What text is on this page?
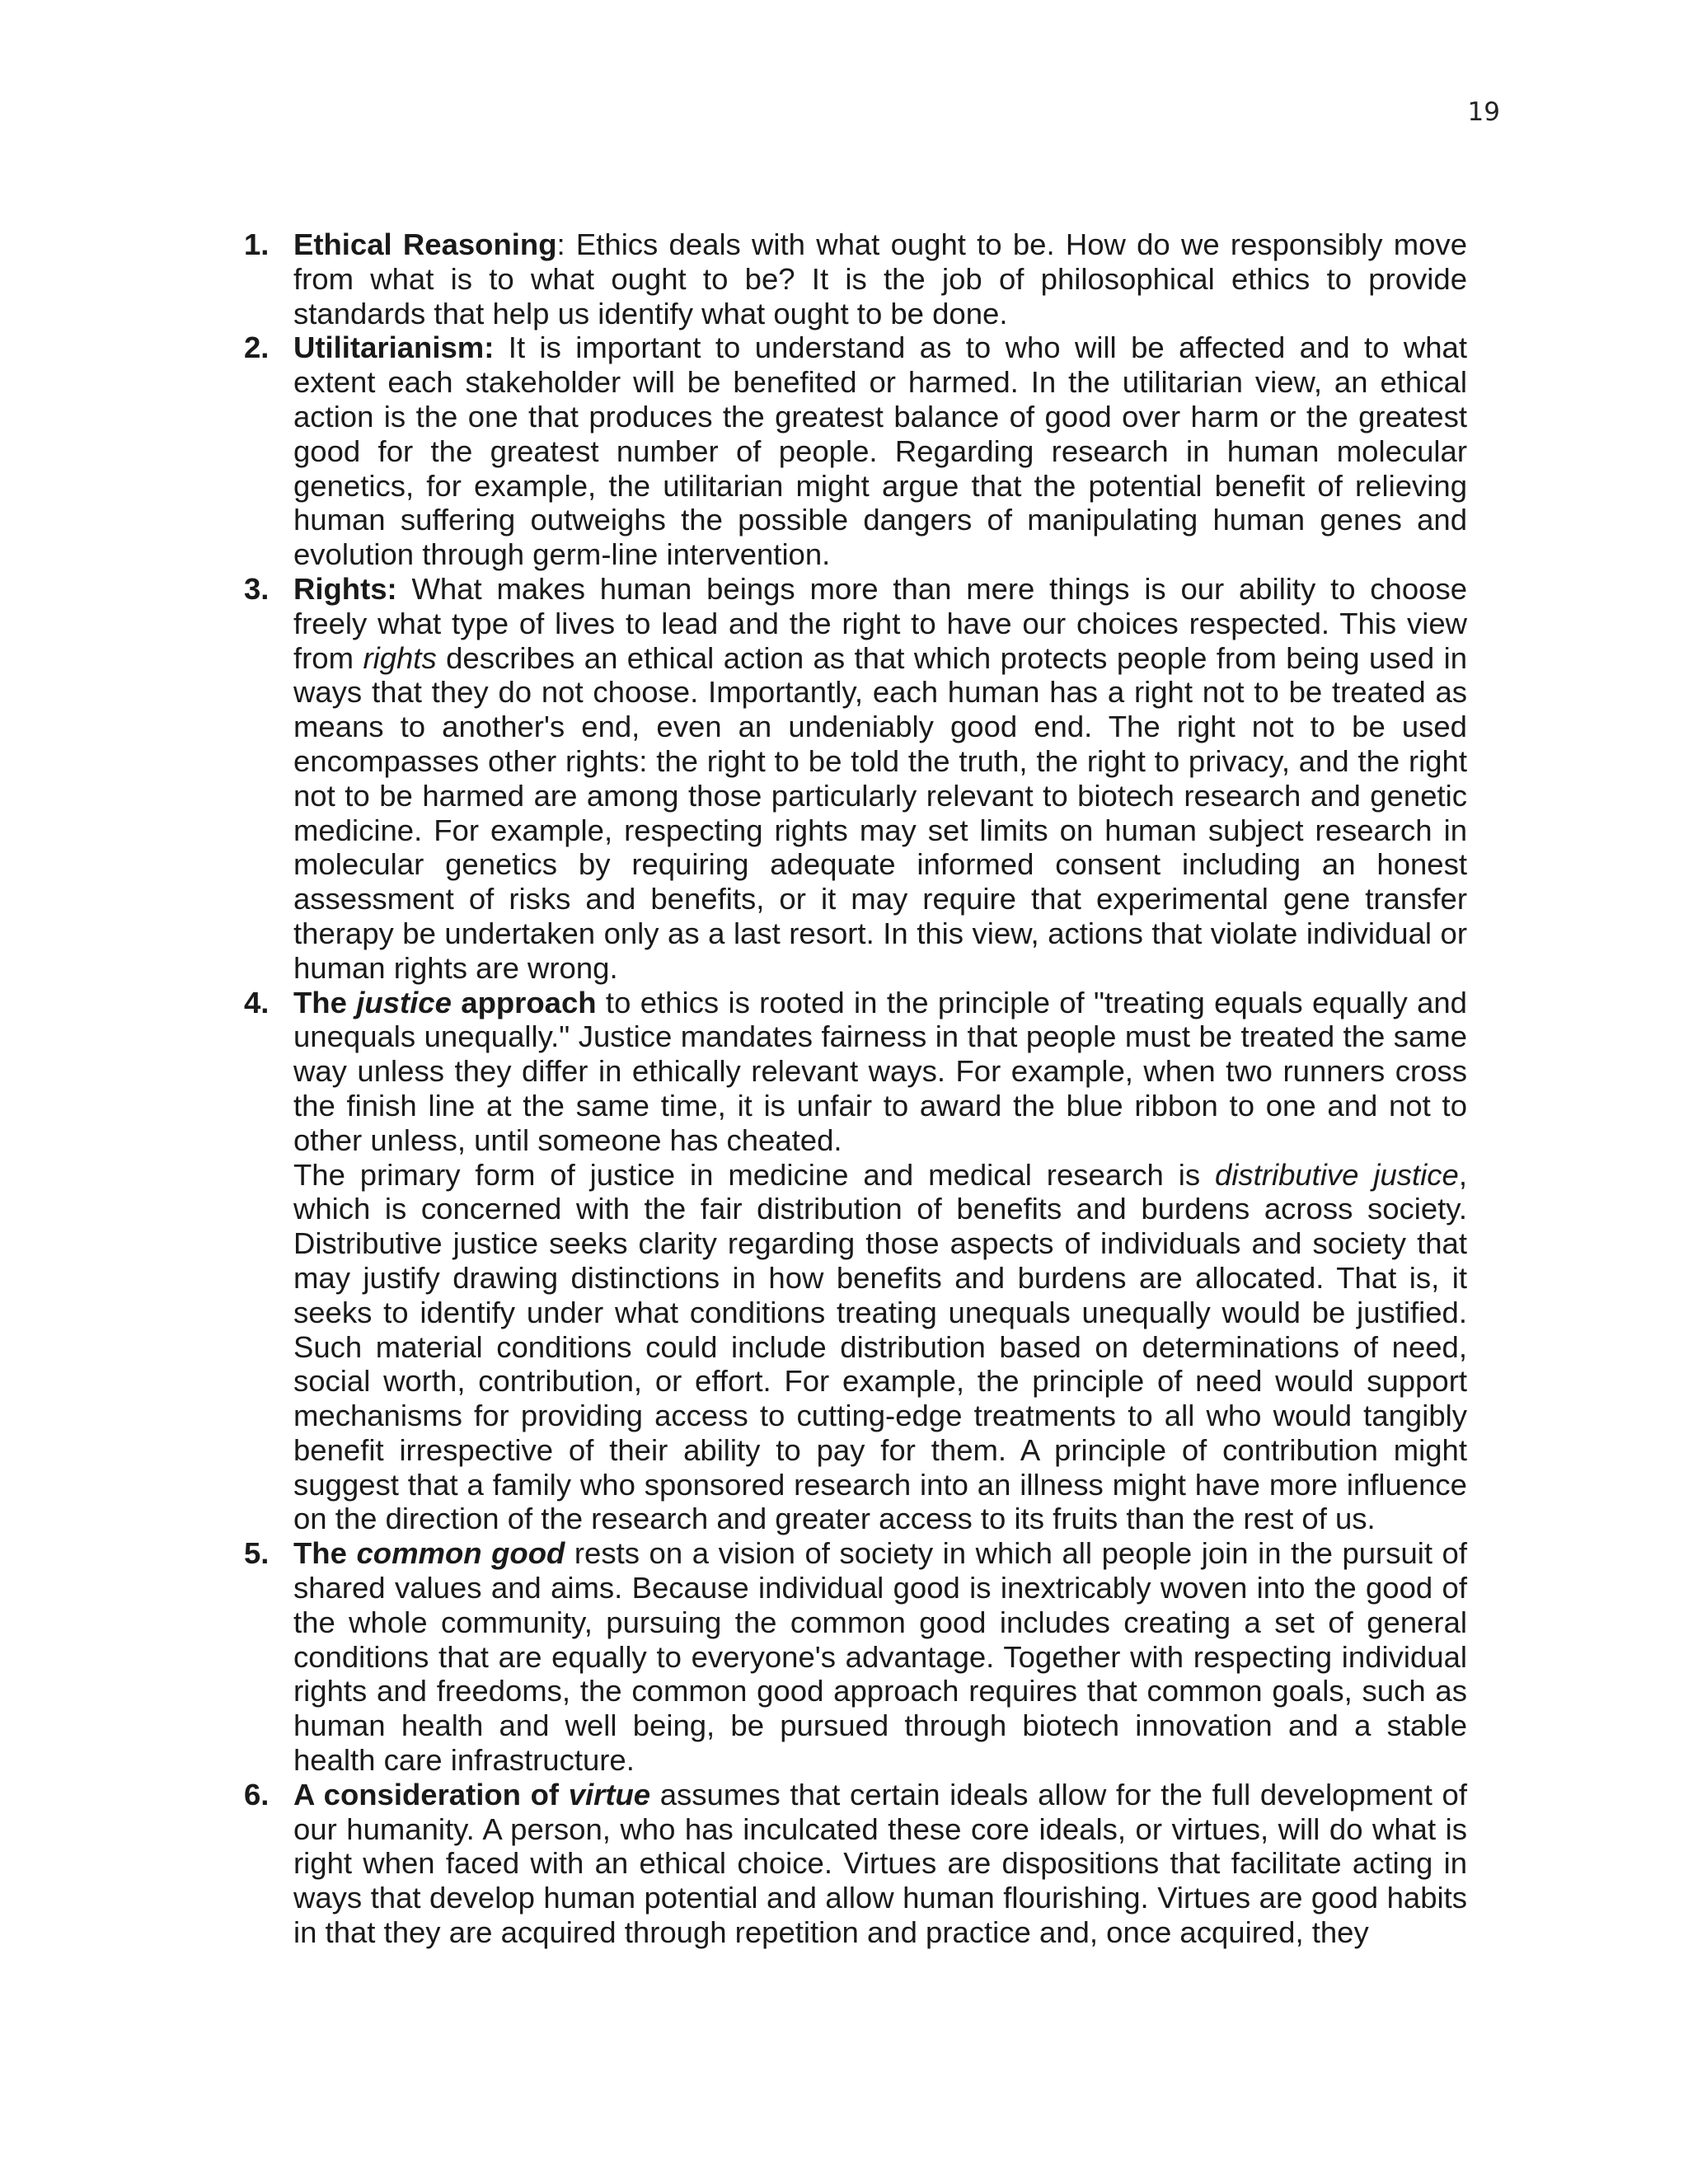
19
1. Ethical Reasoning: Ethics deals with what ought to be. How do we responsibly move from what is to what ought to be? It is the job of philosophical ethics to provide standards that help us identify what ought to be done.

2. Utilitarianism: It is important to understand as to who will be affected and to what extent each stakeholder will be benefited or harmed. In the utilitarian view, an ethical action is the one that produces the greatest balance of good over harm or the greatest good for the greatest number of people. Regarding research in human molecular genetics, for example, the utilitarian might argue that the potential benefit of relieving human suffering outweighs the possible dangers of manipulating human genes and evolution through germ-line intervention.

3. Rights: What makes human beings more than mere things is our ability to choose freely what type of lives to lead and the right to have our choices respected. This view from rights describes an ethical action as that which protects people from being used in ways that they do not choose. Importantly, each human has a right not to be treated as means to another's end, even an undeniably good end. The right not to be used encompasses other rights: the right to be told the truth, the right to privacy, and the right not to be harmed are among those particularly relevant to biotech research and genetic medicine. For example, respecting rights may set limits on human subject research in molecular genetics by requiring adequate informed consent including an honest assessment of risks and benefits, or it may require that experimental gene transfer therapy be undertaken only as a last resort. In this view, actions that violate individual or human rights are wrong.

4. The justice approach to ethics is rooted in the principle of "treating equals equally and unequals unequally." Justice mandates fairness in that people must be treated the same way unless they differ in ethically relevant ways. For example, when two runners cross the finish line at the same time, it is unfair to award the blue ribbon to one and not to other unless, until someone has cheated.

The primary form of justice in medicine and medical research is distributive justice, which is concerned with the fair distribution of benefits and burdens across society. Distributive justice seeks clarity regarding those aspects of individuals and society that may justify drawing distinctions in how benefits and burdens are allocated. That is, it seeks to identify under what conditions treating unequals unequally would be justified. Such material conditions could include distribution based on determinations of need, social worth, contribution, or effort. For example, the principle of need would support mechanisms for providing access to cutting-edge treatments to all who would tangibly benefit irrespective of their ability to pay for them. A principle of contribution might suggest that a family who sponsored research into an illness might have more influence on the direction of the research and greater access to its fruits than the rest of us.

5. The common good rests on a vision of society in which all people join in the pursuit of shared values and aims. Because individual good is inextricably woven into the good of the whole community, pursuing the common good includes creating a set of general conditions that are equally to everyone's advantage. Together with respecting individual rights and freedoms, the common good approach requires that common goals, such as human health and well being, be pursued through biotech innovation and a stable health care infrastructure.

6. A consideration of virtue assumes that certain ideals allow for the full development of our humanity. A person, who has inculcated these core ideals, or virtues, will do what is right when faced with an ethical choice. Virtues are dispositions that facilitate acting in ways that develop human potential and allow human flourishing. Virtues are good habits in that they are acquired through repetition and practice and, once acquired, they
